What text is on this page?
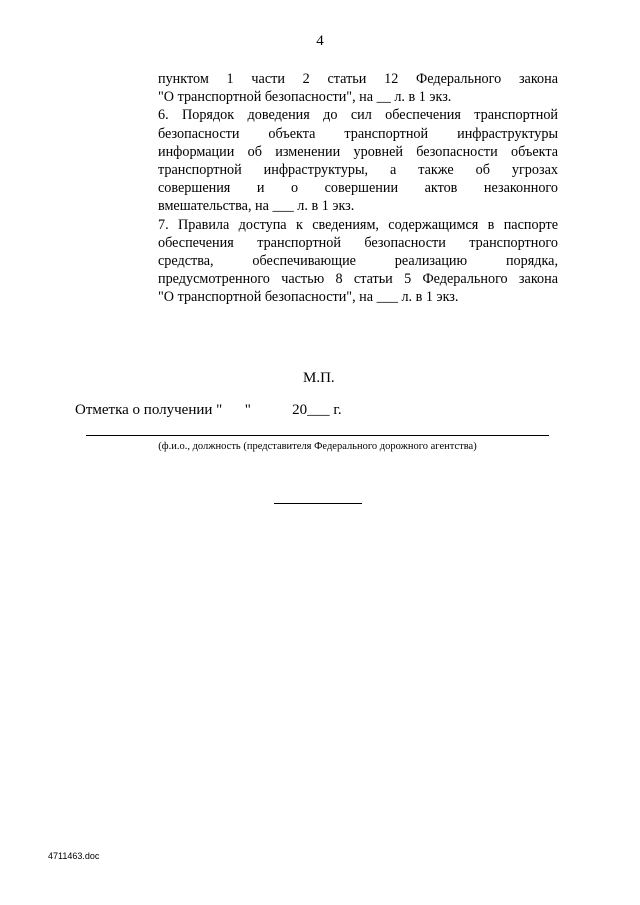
4
пунктом 1 части 2 статьи 12 Федерального закона
"О транспортной безопасности", на __ л. в 1 экз.
6. Порядок доведения до сил обеспечения транспортной
безопасности объекта транспортной инфраструктуры
информации об изменении уровней безопасности объекта
транспортной инфраструктуры, а также об угрозах
совершения и о совершении актов незаконного
вмешательства, на ___ л. в 1 экз.
7. Правила доступа к сведениям, содержащимся в паспорте
обеспечения транспортной безопасности транспортного
средства, обеспечивающие реализацию порядка,
предусмотренного частью 8 статьи 5 Федерального закона
"О транспортной безопасности", на ___ л. в 1 экз.
М.П.
Отметка о получении "      "           20___ г.
(ф.и.о., должность (представителя Федерального дорожного агентства)
4711463.doc
